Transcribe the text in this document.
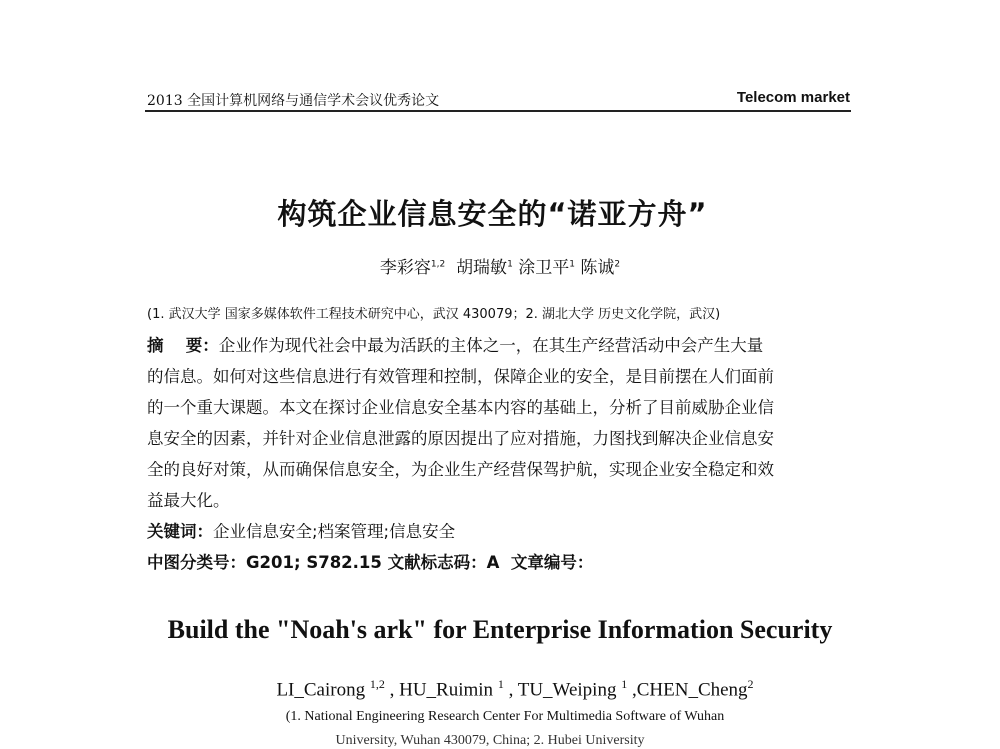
2013 全国计算机网络与通信学术会议优秀论文	Telecom market
构筑企业信息安全的“诺亚方舟”
李彩容$^{1,2}$ 胡瑞敏$^1$ 涂卫平$^1$ 陈诚$^2$
(1. 武汉大学 国家多媒体软件工程技术研究中心，武汉 430079；2. 湖北大学 历史文化学院，武汉)
摘　 要：企业作为现代社会中最为活跃的主体之一，在其生产经营活动中会产生大量
的信息。如何对这些信息进行有效管理和控制，保障企业的安全，是目前摆在人们面前
的一个重大课题。本文在探讨企业信息安全基本内容的基础上，分析了目前威胁企业信
息安全的因素，并针对企业信息泄露的原因提出了应对措施，力图找到解决企业信息安
全的良好对策，从而确保信息安全，为企业生产经营保驾护航，实现企业安全稳定和效
益最大化。
关键词：企业信息安全;档案管理;信息安全
中图分类号：G201; S782.15 文献标志码：A 文章编号：
Build the "Noah's ark" for Enterprise Information Security
LI_Cairong $^{1,2}$ , HU_Ruimin $^1$ , TU_Weiping $^1$ ,CHEN_Cheng$^2$
(1. National Engineering Research Center For Multimedia Software of Wuhan
University, Wuhan 430079, China; 2. Hubei University
